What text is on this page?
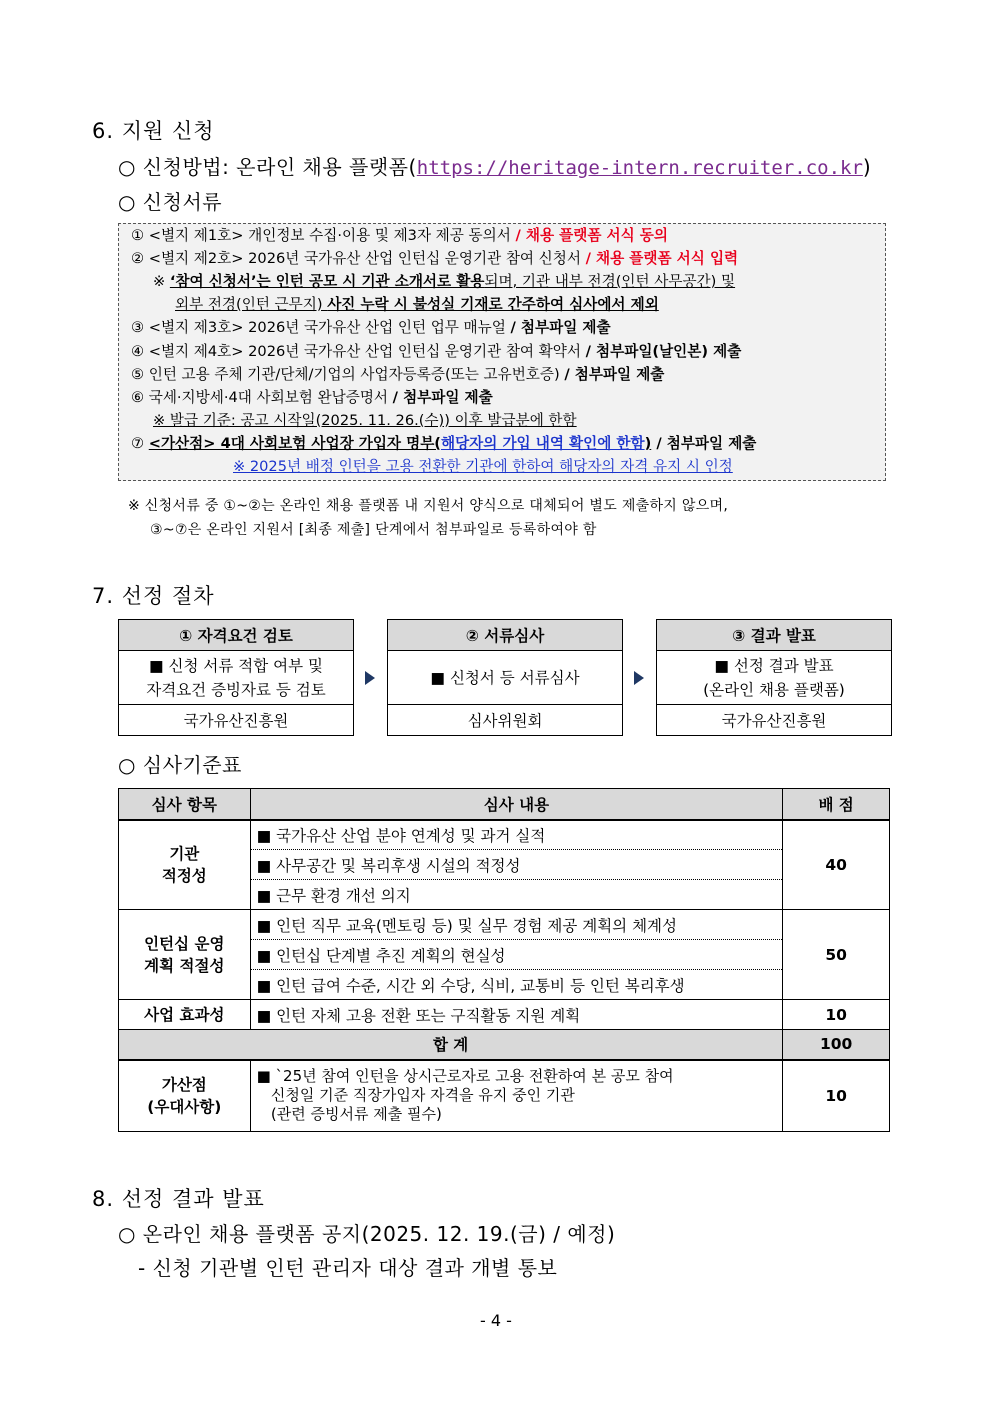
6. 지원 신청
○ 신청방법: 온라인 채용 플랫폼(https://heritage-intern.recruiter.co.kr)
○ 신청서류
① <별지 제1호> 개인정보 수집·이용 및 제3자 제공 동의서 / 채용 플랫폼 서식 동의
② <별지 제2호> 2026년 국가유산 산업 인턴십 운영기관 참여 신청서 / 채용 플랫폼 서식 입력
※ ‘참여 신청서’는 인턴 공모 시 기관 소개서로 활용되며, 기관 내부 전경(인턴 사무공간) 및
외부 전경(인턴 근무지) 사진 누락 시 불성실 기재로 간주하여 심사에서 제외
③ <별지 제3호> 2026년 국가유산 산업 인턴 업무 매뉴얼 / 첨부파일 제출
④ <별지 제4호> 2026년 국가유산 산업 인턴십 운영기관 참여 확약서 / 첨부파일(날인본) 제출
⑤ 인턴 고용 주체 기관/단체/기업의 사업자등록증(또는 고유번호증) / 첨부파일 제출
⑥ 국세·지방세·4대 사회보험 완납증명서 / 첨부파일 제출
※ 발급 기준: 공고 시작일(2025. 11. 26.(수)) 이후 발급분에 한함
⑦ <가산점> 4대 사회보험 사업장 가입자 명부(해당자의 가입 내역 확인에 한함) / 첨부파일 제출
※ 2025년 배정 인턴을 고용 전환한 기관에 한하여 해당자의 자격 유지 시 인정
※ 신청서류 중 ①~②는 온라인 채용 플랫폼 내 지원서 양식으로 대체되어 별도 제출하지 않으며,
③~⑦은 온라인 지원서 [최종 제출] 단계에서 첨부파일로 등록하여야 함
7. 선정 절차
① 자격요건 검토
■ 신청 서류 적합 여부 및
자격요건 증빙자료 등 검토
국가유산진흥원
② 서류심사
■ 신청서 등 서류심사
심사위원회
③ 결과 발표
■ 선정 결과 발표
(온라인 채용 플랫폼)
국가유산진흥원
○ 심사기준표
심사 항목	심사 내용	배 점
기관
적정성	■ 국가유산 산업 분야 연계성 및 과거 실적	40
	■ 사무공간 및 복리후생 시설의 적정성	
	■ 근무 환경 개선 의지	
인턴십 운영
계획 적절성	■ 인턴 직무 교육(멘토링 등) 및 실무 경험 제공 계획의 체계성	50
	■ 인턴십 단계별 추진 계획의 현실성	
	■ 인턴 급여 수준, 시간 외 수당, 식비, 교통비 등 인턴 복리후생	
사업 효과성	■ 인턴 자체 고용 전환 또는 구직활동 지원 계획	10
합 계		100
가산점
(우대사항)	■ `25년 참여 인턴을 상시근로자로 고용 전환하여 본 공모 참여
신청일 기준 직장가입자 자격을 유지 중인 기관
(관련 증빙서류 제출 필수)	10
8. 선정 결과 발표
○ 온라인 채용 플랫폼 공지(2025. 12. 19.(금) / 예정)
- 신청 기관별 인턴 관리자 대상 결과 개별 통보
- 4 -
